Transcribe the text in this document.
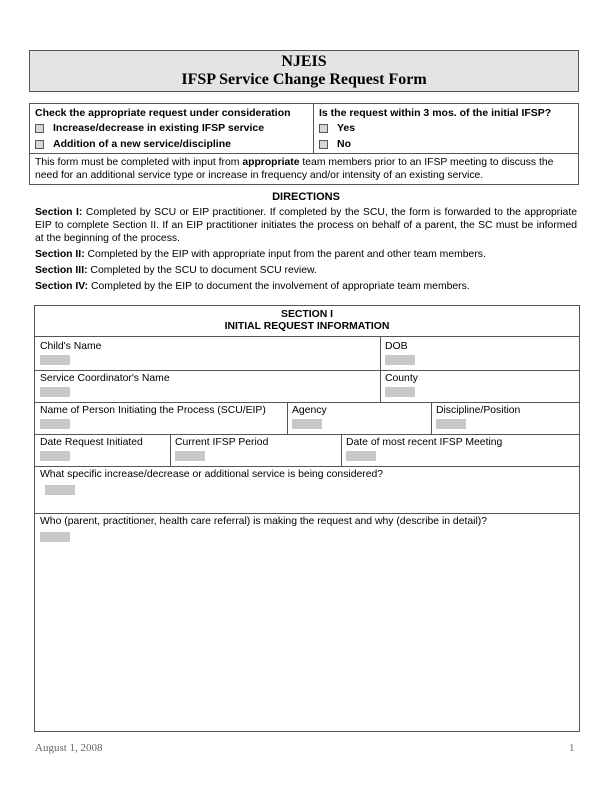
NJEIS
IFSP Service Change Request Form
Check the appropriate request under consideration
Increase/decrease in existing IFSP service
Addition of a new service/discipline
Is the request within 3 mos. of the initial IFSP?
Yes
No
This form must be completed with input from appropriate team members prior to an IFSP meeting to discuss the need for an additional service type or increase in frequency and/or intensity of an existing service.
DIRECTIONS

Section I: Completed by SCU or EIP practitioner. If completed by the SCU, the form is forwarded to the appropriate EIP to complete Section II. If an EIP practitioner initiates the process on behalf of a parent, the SC must be informed at the beginning of the process.

Section II: Completed by the EIP with appropriate input from the parent and other team members.

Section III: Completed by the SCU to document SCU review.

Section IV: Completed by the EIP to document the involvement of appropriate team members.

SECTION I
INITIAL REQUEST INFORMATION
Child's Name	DOB
Service Coordinator's Name	County
Name of Person Initiating the Process (SCU/EIP)	Agency	Discipline/Position
Date Request Initiated	Current IFSP Period	Date of most recent IFSP Meeting
What specific increase/decrease or additional service is being considered?
Who (parent, practitioner, health care referral) is making the request and why (describe in detail)?
August 1, 2008	1
